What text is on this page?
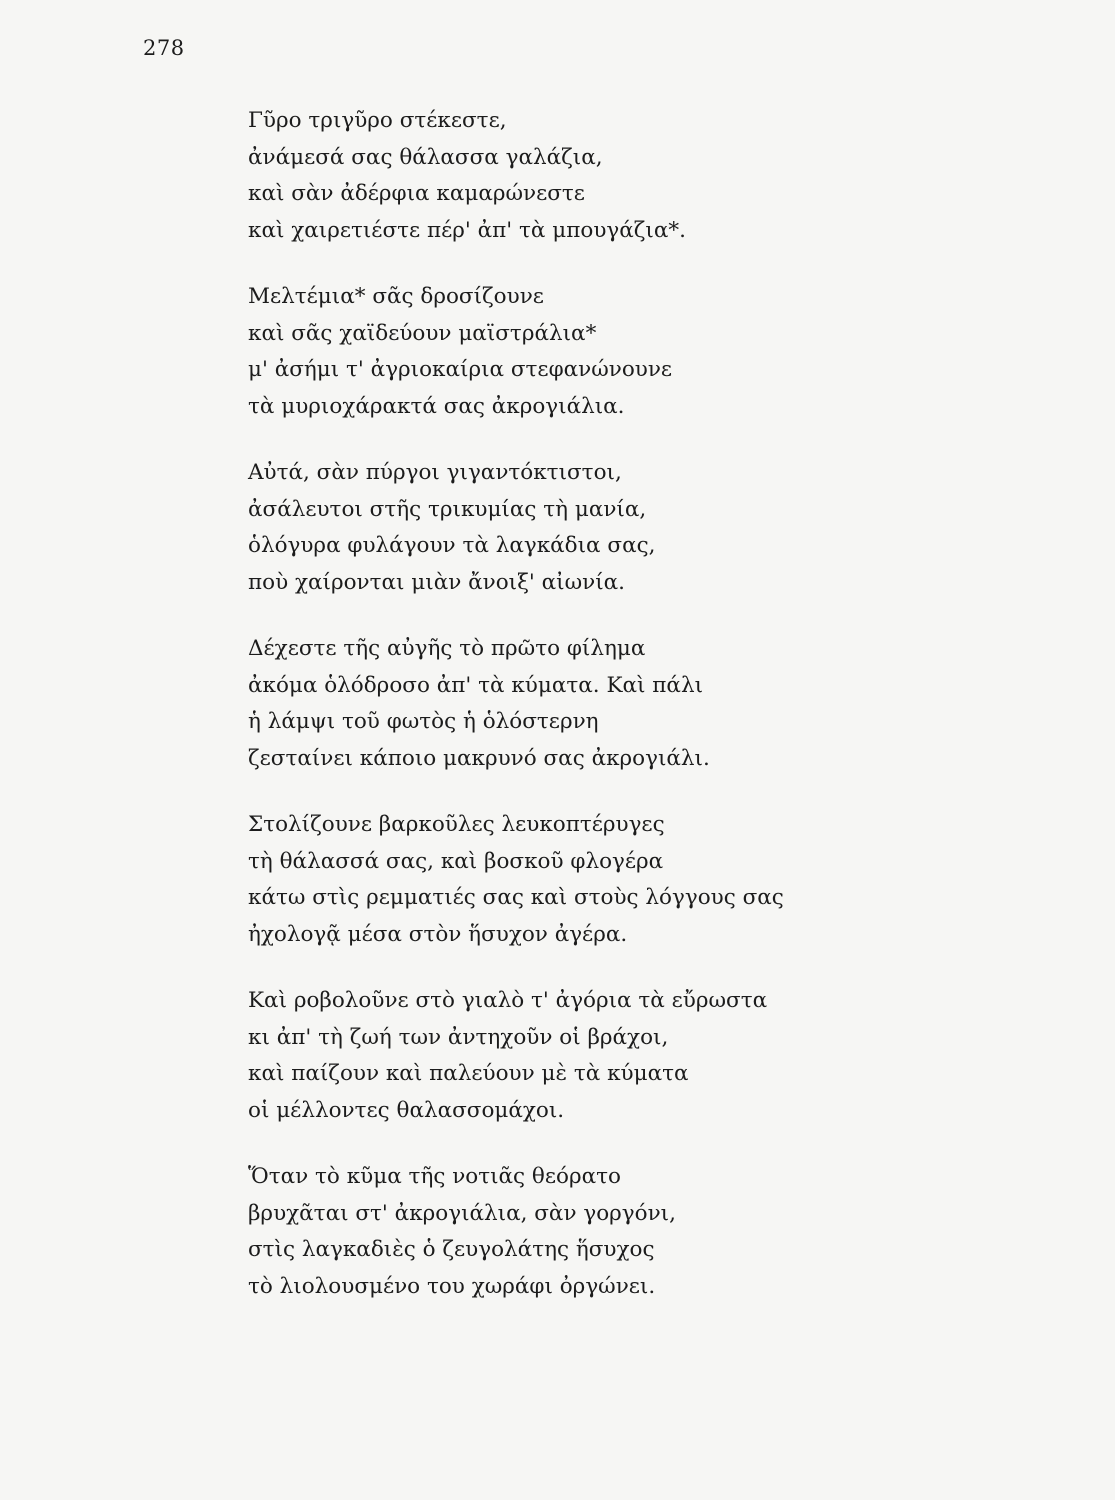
278
Γῦρο τριγῦρο στέκεστε,
ἀνάμεσά σας θάλασσα γαλάζια,
καὶ σὰν ἀδέρφια καμαρώνεστε
καὶ χαιρετιέστε πέρ' ἀπ' τὰ μπουγάζια*.
Μελτέμια* σᾶς δροσίζουνε
καὶ σᾶς χαϊδεύουν μαϊστράλια*
μ' ἀσήμι τ' ἀγριοκαίρια στεφανώνουνε
τὰ μυριοχάρακτά σας ἀκρογιάλια.
Αὐτά, σὰν πύργοι γιγαντόκτιστοι,
ἀσάλευτοι στῆς τρικυμίας τὴ μανία,
ὁλόγυρα φυλάγουν τὰ λαγκάδια σας,
ποὺ χαίρονται μιὰν ἄνοιξ' αἰωνία.
Δέχεστε τῆς αὐγῆς τὸ πρῶτο φίλημα
ἀκόμα ὁλόδροσο ἀπ' τὰ κύματα. Καὶ πάλι
ἡ λάμψι τοῦ φωτὸς ἡ ὁλόστερνη
ζεσταίνει κάποιο μακρυνό σας ἀκρογιάλι.
Στολίζουνε βαρκοῦλες λευκοπτέρυγες
τὴ θάλασσά σας, καὶ βοσκοῦ φλογέρα
κάτω στὶς ρεμματιές σας καὶ στοὺς λόγγους σας
ἠχολογᾷ μέσα στὸν ἥσυχον ἀγέρα.
Καὶ ροβολοῦνε στὸ γιαλὸ τ' ἀγόρια τὰ εὔρωστα
κι ἀπ' τὴ ζωή των ἀντηχοῦν οἱ βράχοι,
καὶ παίζουν καὶ παλεύουν μὲ τὰ κύματα
οἱ μέλλοντες θαλασσομάχοι.
Ὅταν τὸ κῦμα τῆς νοτιᾶς θεόρατο
βρυχᾶται στ' ἀκρογιάλια, σὰν γοργόνι,
στὶς λαγκαδιὲς ὁ ζευγολάτης ἥσυχος
τὸ λιολουσμένο του χωράφι ὀργώνει.
